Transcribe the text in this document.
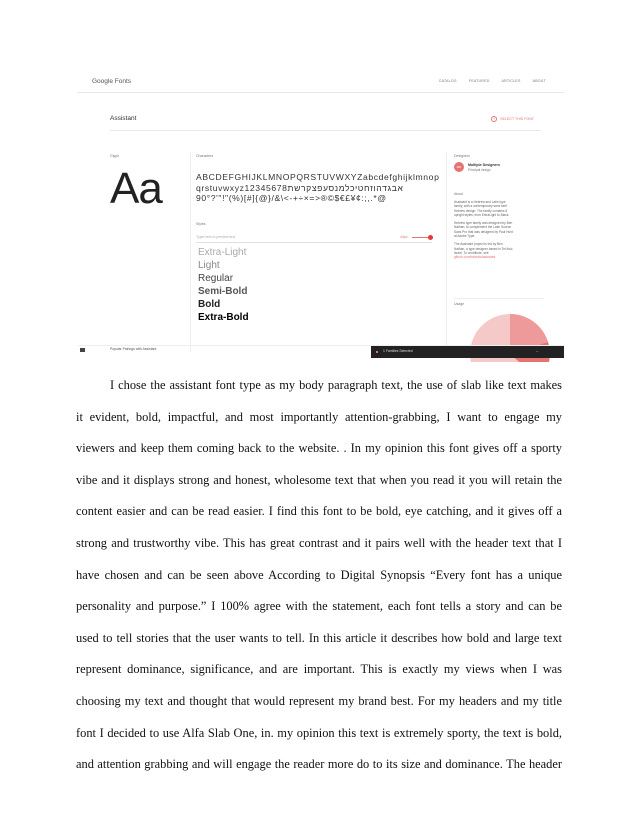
Google Fonts	CATALOG	FEATURED	ARTICLES	ABOUT
Assistant	+	SELECT THIS FONT
Glyph
Aa
Characters
ABCDEFGHIJKLMNOPQRSTUVWXYZabcdefghijklmnop
qrstuvwxyzאבגדהוזחטיכלמנסעפצקרשת12345678
90°?'"!"(%)[#]{@}/&\<-+÷×=>®©$€£¥¢:;,.*@
Styles
Type here to preview text	40px
Extra-Light
Light
Regular
Semi-Bold
Bold
Extra-Bold
Designers
MD	Multiple Designers
Principal design
About
Assistant is a Hebrew and Latin type
family, with a contemporary sans serif
Hebrew design. The family contains 6
upright styles, from ExtraLight to Black.
Hebrew type family was designed by Ben
Nathan; to complement the Latin Source
Sans Pro that was designed by Paul Hunt
at Adobe Type.
The Assistant project is led by Ben
Nathan, a type designer based in Tel Aviv,
Israel. To contribute, see
github.com/hafontia/assistant
Usage
Popular Pairings with Assistant	1 Families Selected	–
I chose the assistant font type as my body paragraph text, the use of slab like text makes
it evident, bold, impactful, and most importantly attention-grabbing, I want to engage my
viewers and keep them coming back to the website. . In my opinion this font gives off a sporty
vibe and it displays strong and honest, wholesome text that when you read it you will retain the
content easier and can be read easier. I find this font to be bold, eye catching, and it gives off a
strong and trustworthy vibe. This has great contrast and it pairs well with the header text that I
have chosen and can be seen above According to Digital Synopsis “Every font has a unique
personality and purpose.” I 100% agree with the statement, each font tells a story and can be
used to tell stories that the user wants to tell. In this article it describes how bold and large text
represent dominance, significance, and are important. This is exactly my views when I was
choosing my text and thought that would represent my brand best. For my headers and my title
font I decided to use Alfa Slab One, in. my opinion this text is extremely sporty, the text is bold,
and attention grabbing and will engage the reader more do to its size and dominance. The header
